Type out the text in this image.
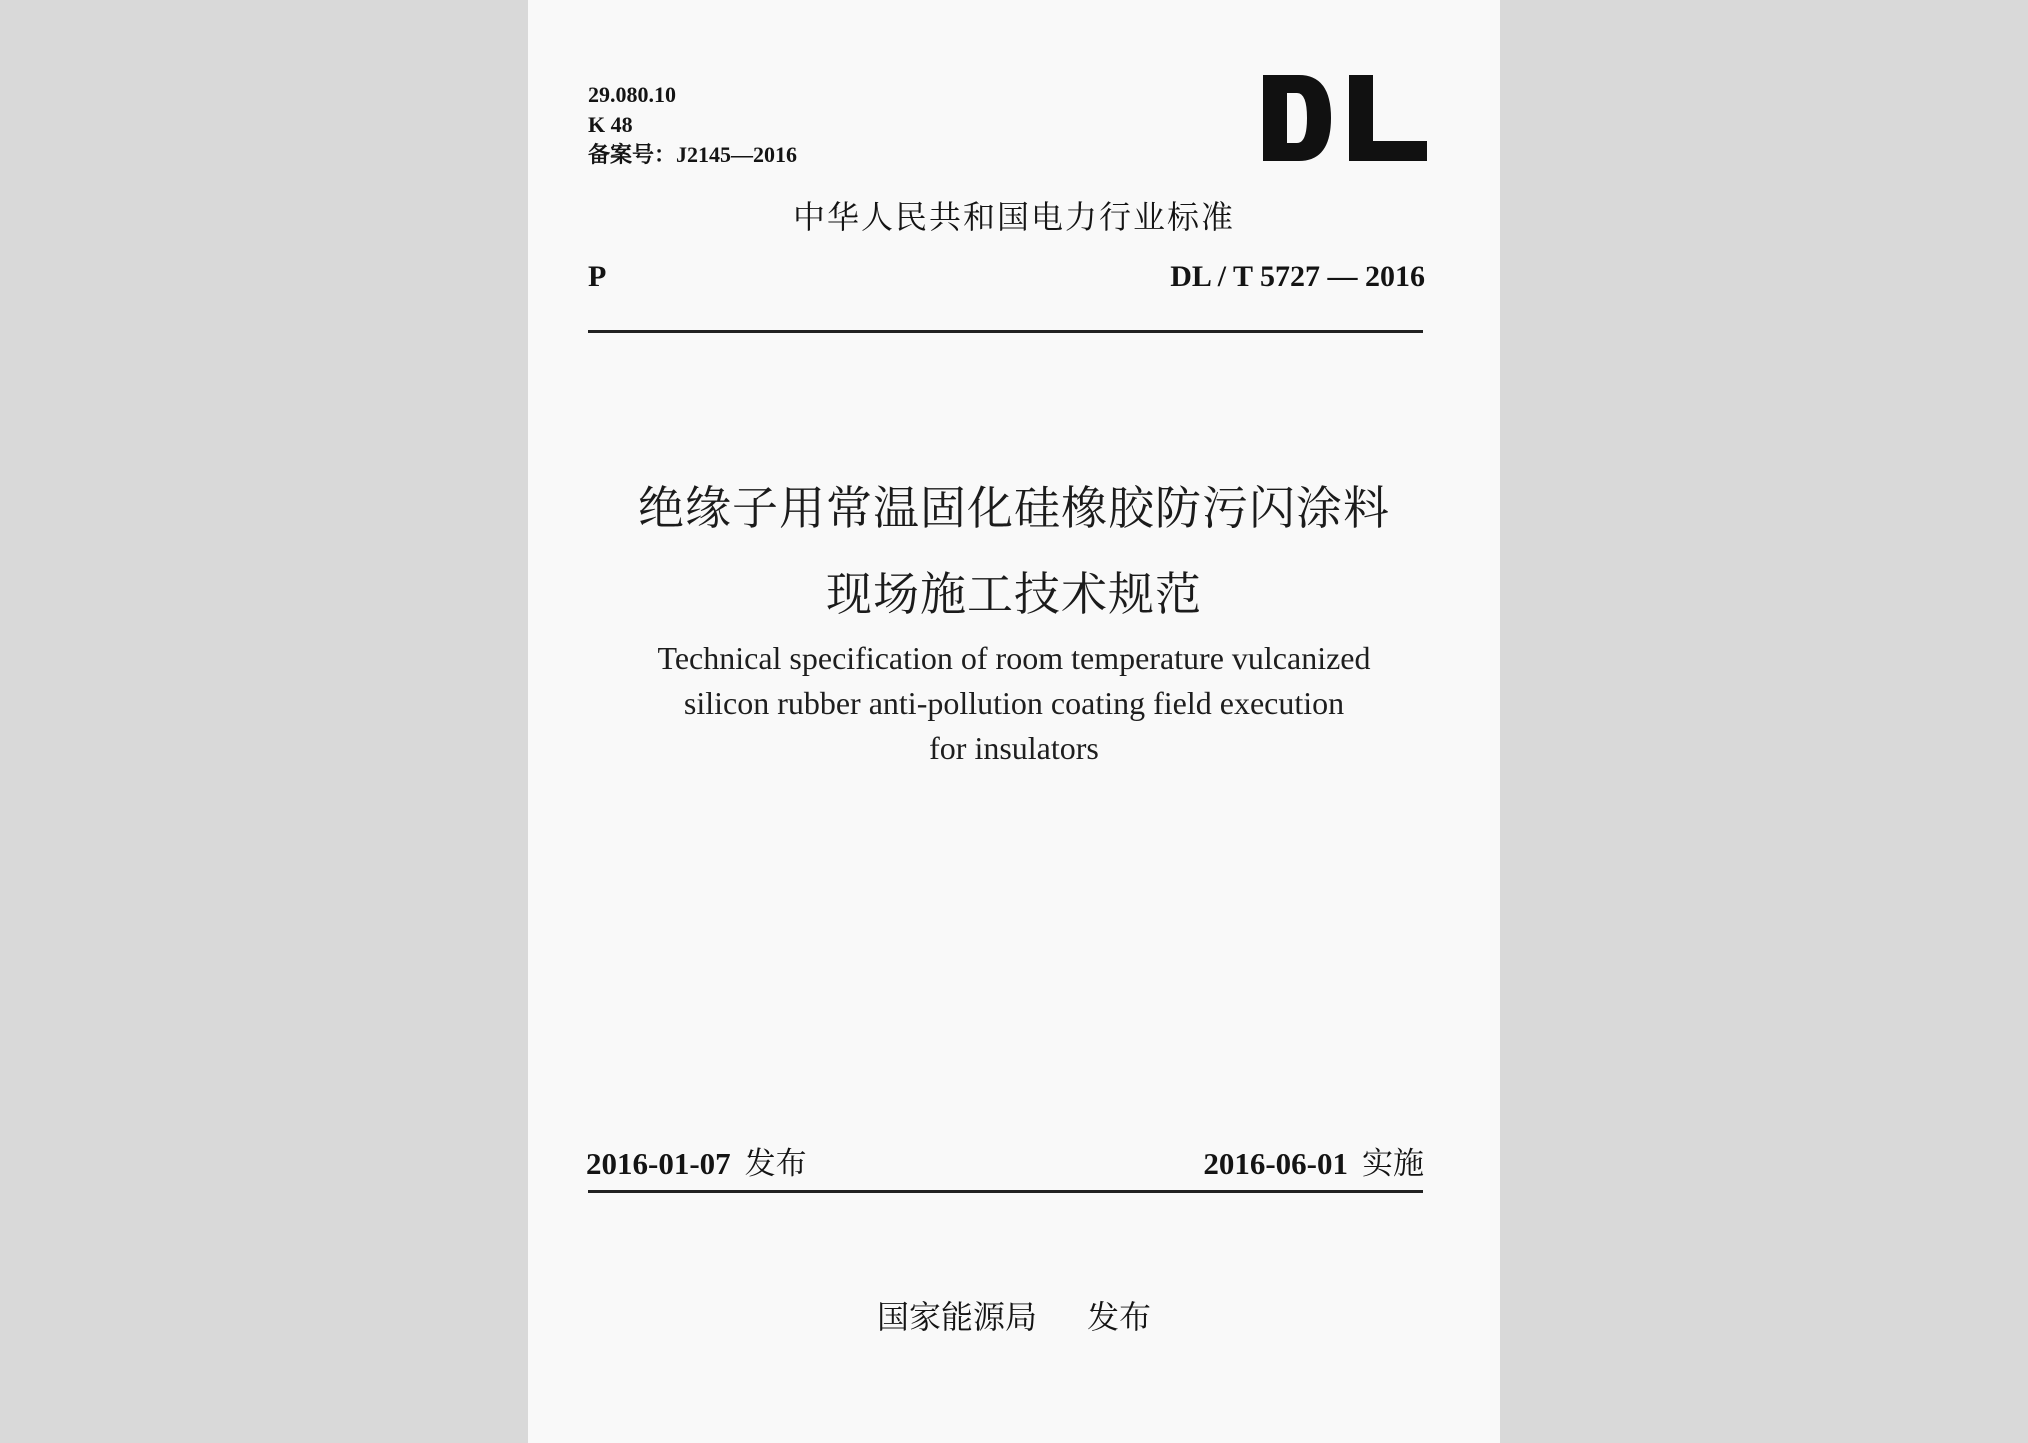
29.080.10
K 48
备案号：J2145—2016
中华人民共和国电力行业标准
P	DL / T 5727 — 2016
绝缘子用常温固化硅橡胶防污闪涂料
现场施工技术规范
Technical specification of room temperature vulcanized
silicon rubber anti-pollution coating field execution
for insulators
2016-01-07 发布	2016-06-01 实施
国家能源局 发布
